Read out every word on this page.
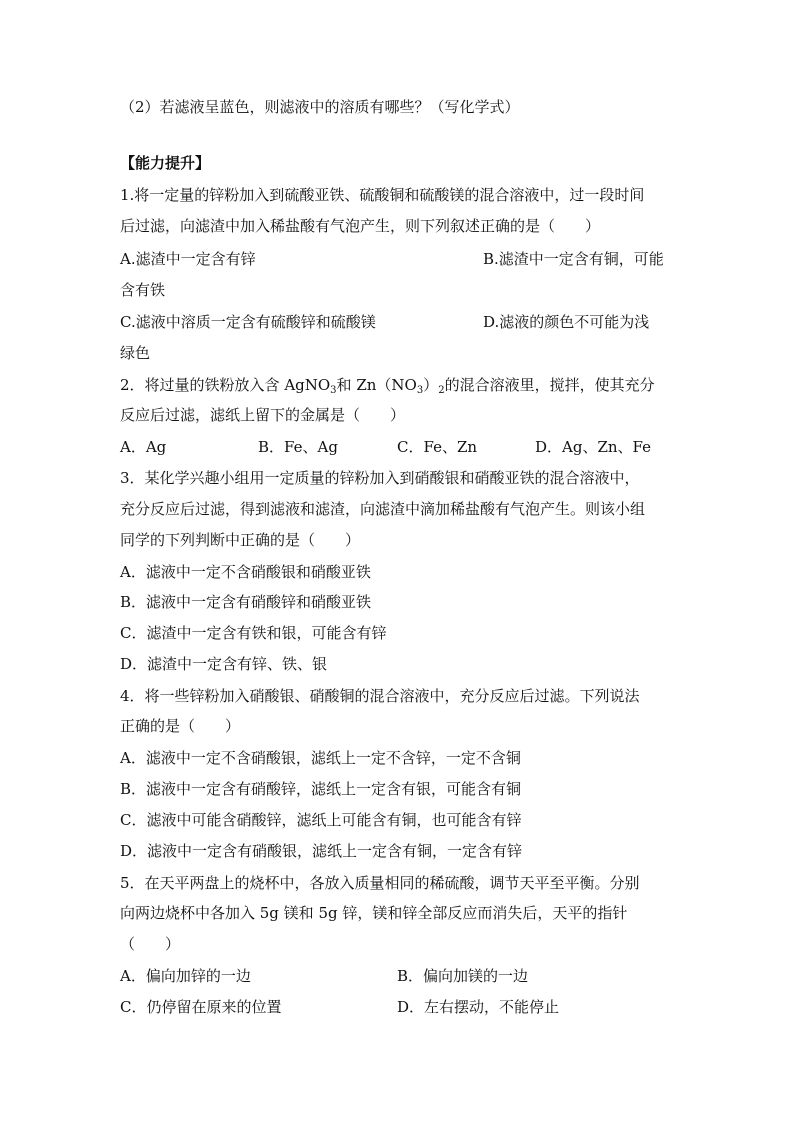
（2）若滤液呈蓝色，则滤液中的溶质有哪些？（写化学式）
【能力提升】
1.将一定量的锌粉加入到硫酸亚铁、硫酸铜和硫酸镁的混合溶液中，过一段时间
后过滤，向滤渣中加入稀盐酸有气泡产生，则下列叙述正确的是（　　）
A.滤渣中一定含有锌	B.滤渣中一定含有铜，可能
含有铁
C.滤液中溶质一定含有硫酸锌和硫酸镁	D.滤液的颜色不可能为浅
绿色
2．将过量的铁粉放入含 AgNO$_3$和 $Zn(NO_3)_2$的混合溶液里，搅拌，使其充分
反应后过滤，滤纸上留下的金属是（　　）
A．Ag	B．Fe、Ag	C．Fe、Zn	D．Ag、Zn、Fe
3．某化学兴趣小组用一定质量的锌粉加入到硝酸银和硝酸亚铁的混合溶液中，
充分反应后过滤，得到滤液和滤渣，向滤渣中滴加稀盐酸有气泡产生。则该小组
同学的下列判断中正确的是（　　）
A．滤液中一定不含硝酸银和硝酸亚铁
B．滤液中一定含有硝酸锌和硝酸亚铁
C．滤渣中一定含有铁和银，可能含有锌
D．滤渣中一定含有锌、铁、银
4．将一些锌粉加入硝酸银、硝酸铜的混合溶液中，充分反应后过滤。下列说法
正确的是（　　）
A．滤液中一定不含硝酸银，滤纸上一定不含锌，一定不含铜
B．滤液中一定含有硝酸锌，滤纸上一定含有银，可能含有铜
C．滤液中可能含硝酸锌，滤纸上可能含有铜，也可能含有锌
D．滤液中一定含有硝酸银，滤纸上一定含有铜，一定含有锌
5．在天平两盘上的烧杯中，各放入质量相同的稀硫酸，调节天平至平衡。分别
向两边烧杯中各加入 5g 镁和 5g 锌，镁和锌全部反应而消失后，天平的指针
（　　）
A．偏向加锌的一边	B．偏向加镁的一边
C．仍停留在原来的位置	D．左右摆动，不能停止
